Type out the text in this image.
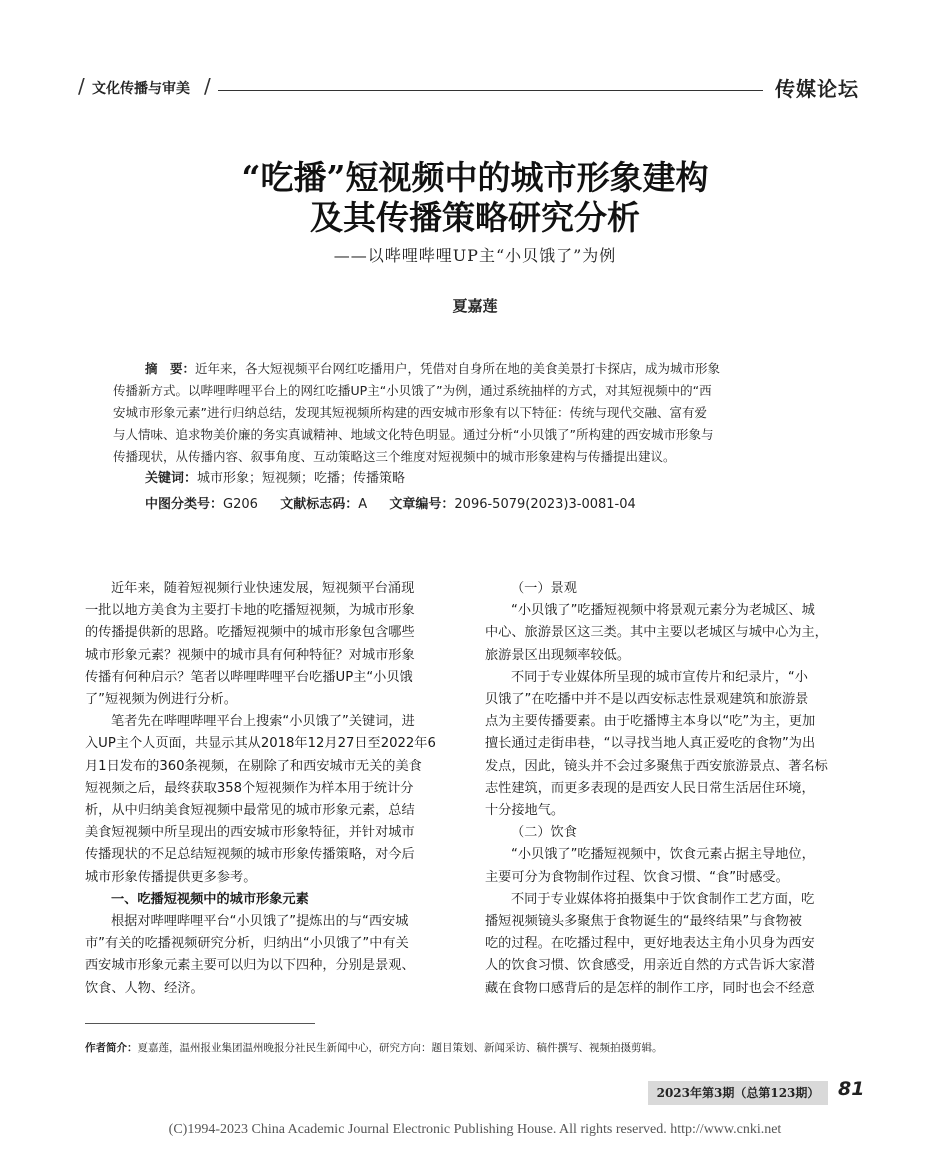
/ 文化传播与审美 /	传媒论坛
“吃播”短视频中的城市形象建构
及其传播策略研究分析
——以哔哩哔哩UP主“小贝饿了”为例
夏嘉莲
摘　要：近年来，各大短视频平台网红吃播用户，凭借对自身所在地的美食美景打卡探店，成为城市形象
传播新方式。以哔哩哔哩平台上的网红吃播UP主“小贝饿了”为例，通过系统抽样的方式，对其短视频中的“西
安城市形象元素”进行归纳总结，发现其短视频所构建的西安城市形象有以下特征：传统与现代交融、富有爱
与人情味、追求物美价廉的务实真诚精神、地域文化特色明显。通过分析“小贝饿了”所构建的西安城市形象与
传播现状，从传播内容、叙事角度、互动策略这三个维度对短视频中的城市形象建构与传播提出建议。
关键词：城市形象；短视频；吃播；传播策略
中图分类号：G206 文献标志码：A 文章编号：2096-5079(2023)3-0081-04
近年来，随着短视频行业快速发展，短视频平台涌现
一批以地方美食为主要打卡地的吃播短视频，为城市形象
的传播提供新的思路。吃播短视频中的城市形象包含哪些
城市形象元素？视频中的城市具有何种特征？对城市形象
传播有何种启示？笔者以哔哩哔哩平台吃播UP主“小贝饿
了”短视频为例进行分析。
笔者先在哔哩哔哩平台上搜索“小贝饿了”关键词，进
入UP主个人页面，共显示其从2018年12月27日至2022年6
月1日发布的360条视频，在剔除了和西安城市无关的美食
短视频之后，最终获取358个短视频作为样本用于统计分
析，从中归纳美食短视频中最常见的城市形象元素，总结
美食短视频中所呈现出的西安城市形象特征，并针对城市
传播现状的不足总结短视频的城市形象传播策略，对今后
城市形象传播提供更多参考。
一、吃播短视频中的城市形象元素
根据对哔哩哔哩平台“小贝饿了”提炼出的与“西安城
市”有关的吃播视频研究分析，归纳出“小贝饿了”中有关
西安城市形象元素主要可以归为以下四种，分别是景观、
饮食、人物、经济。
（一）景观
“小贝饿了”吃播短视频中将景观元素分为老城区、城
中心、旅游景区这三类。其中主要以老城区与城中心为主，
旅游景区出现频率较低。
不同于专业媒体所呈现的城市宣传片和纪录片，“小
贝饿了”在吃播中并不是以西安标志性景观建筑和旅游景
点为主要传播要素。由于吃播博主本身以“吃”为主，更加
擅长通过走街串巷，“以寻找当地人真正爱吃的食物”为出
发点，因此，镜头并不会过多聚焦于西安旅游景点、著名标
志性建筑，而更多表现的是西安人民日常生活居住环境，
十分接地气。
（二）饮食
“小贝饿了”吃播短视频中，饮食元素占据主导地位，
主要可分为食物制作过程、饮食习惯、“食”时感受。
不同于专业媒体将拍摄集中于饮食制作工艺方面，吃
播短视频镜头多聚焦于食物诞生的“最终结果”与食物被
吃的过程。在吃播过程中，更好地表达主角小贝身为西安
人的饮食习惯、饮食感受，用亲近自然的方式告诉大家潜
藏在食物口感背后的是怎样的制作工序，同时也会不经意
作者简介：夏嘉莲，温州报业集团温州晚报分社民生新闻中心，研究方向：题目策划、新闻采访、稿件撰写、视频拍摄剪辑。
2023年第3期（总第123期） 81
(C)1994-2023 China Academic Journal Electronic Publishing House. All rights reserved. http://www.cnki.net
